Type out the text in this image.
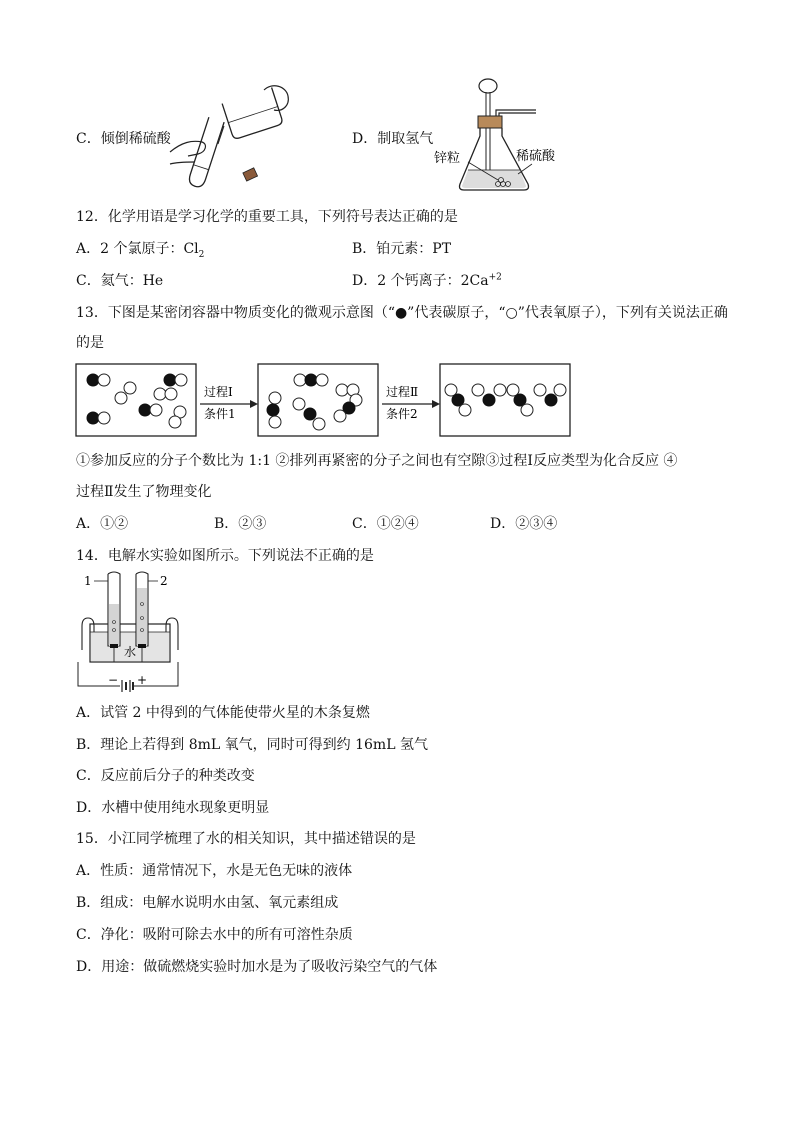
C．倾倒稀硫酸	D．制取氢气
锌粒	稀硫酸
12．化学用语是学习化学的重要工具，下列符号表达正确的是
A．2 个氯原子：$Cl_2$	B．铂元素：PT
C．氦气：He	D．2 个钙离子：$2Ca^{+2}$
13．下图是某密闭容器中物质变化的微观示意图（“●”代表碳原子，“○”代表氧原子），下列有关说法正确
的是
过程Ⅰ
条件1
过程Ⅱ
条件2
①参加反应的分子个数比为 1:1 ②排列再紧密的分子之间也有空隙③过程Ⅰ反应类型为化合反应 ④
过程Ⅱ发生了物理变化
A．①②	B．②③	C．①②④	D．②③④
14．电解水实验如图所示。下列说法不正确的是
1	2
水
− +
A．试管 2 中得到的气体能使带火星的木条复燃
B．理论上若得到 8mL 氧气，同时可得到约 16mL 氢气
C．反应前后分子的种类改变
D．水槽中使用纯水现象更明显
15．小江同学梳理了水的相关知识，其中描述错误的是
A．性质：通常情况下，水是无色无味的液体
B．组成：电解水说明水由氢、氧元素组成
C．净化：吸附可除去水中的所有可溶性杂质
D．用途：做硫燃烧实验时加水是为了吸收污染空气的气体
